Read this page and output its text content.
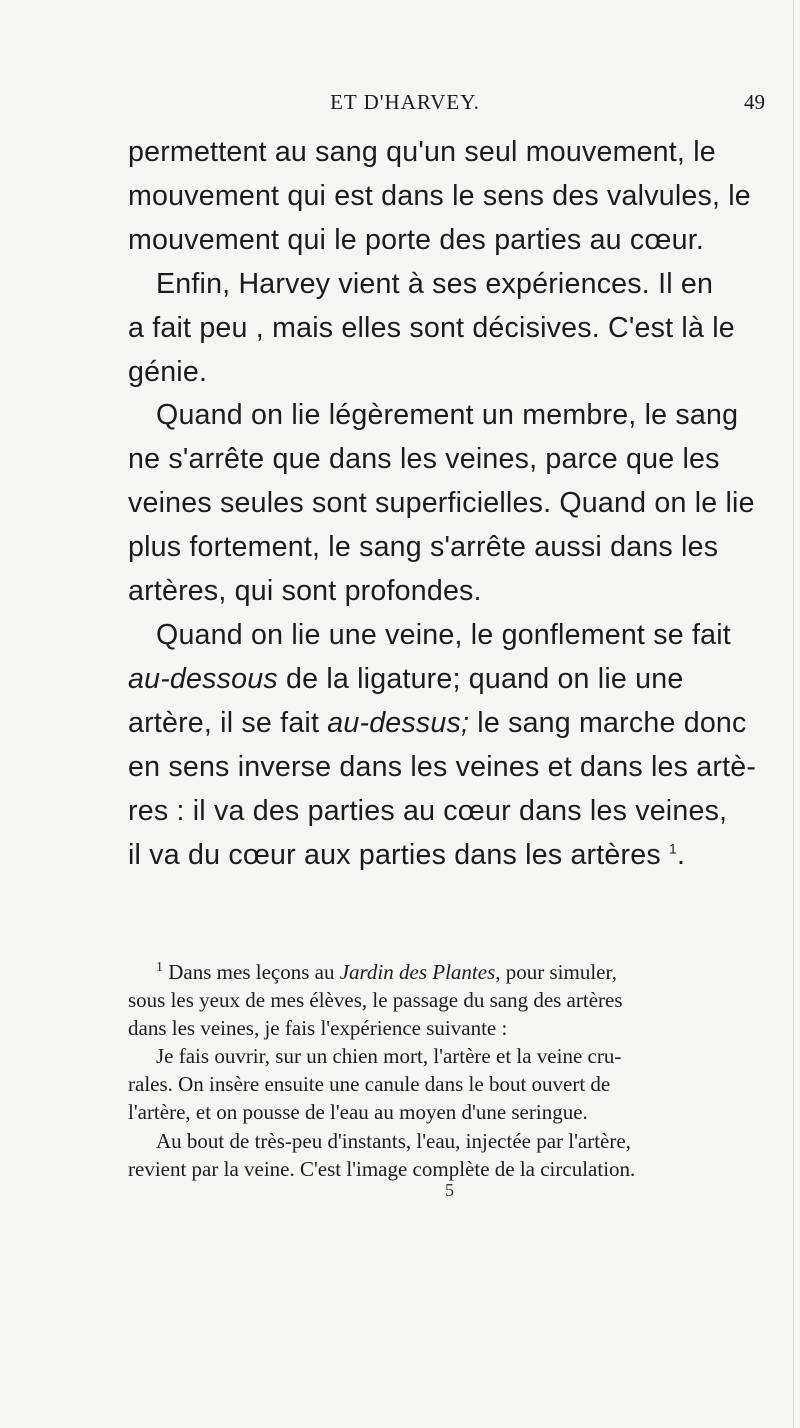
ET D'HARVEY.	49
permettent au sang qu'un seul mouvement, le
mouvement qui est dans le sens des valvules, le
mouvement qui le porte des parties au cœur.
Enfin, Harvey vient à ses expériences. Il en
a fait peu , mais elles sont décisives. C'est là le
génie.
Quand on lie légèrement un membre, le sang
ne s'arrête que dans les veines, parce que les
veines seules sont superficielles. Quand on le lie
plus fortement, le sang s'arrête aussi dans les
artères, qui sont profondes.
Quand on lie une veine, le gonflement se fait
au-dessous de la ligature; quand on lie une
artère, il se fait au-dessus; le sang marche donc
en sens inverse dans les veines et dans les artè-
res : il va des parties au cœur dans les veines,
il va du cœur aux parties dans les artères $^1$.
$^1$ Dans mes leçons au Jardin des Plantes, pour simuler,
sous les yeux de mes élèves, le passage du sang des artères
dans les veines, je fais l'expérience suivante :
Je fais ouvrir, sur un chien mort, l'artère et la veine cru-
rales. On insère ensuite une canule dans le bout ouvert de
l'artère, et on pousse de l'eau au moyen d'une seringue.
Au bout de très-peu d'instants, l'eau, injectée par l'artère,
revient par la veine. C'est l'image complète de la circulation.
5
